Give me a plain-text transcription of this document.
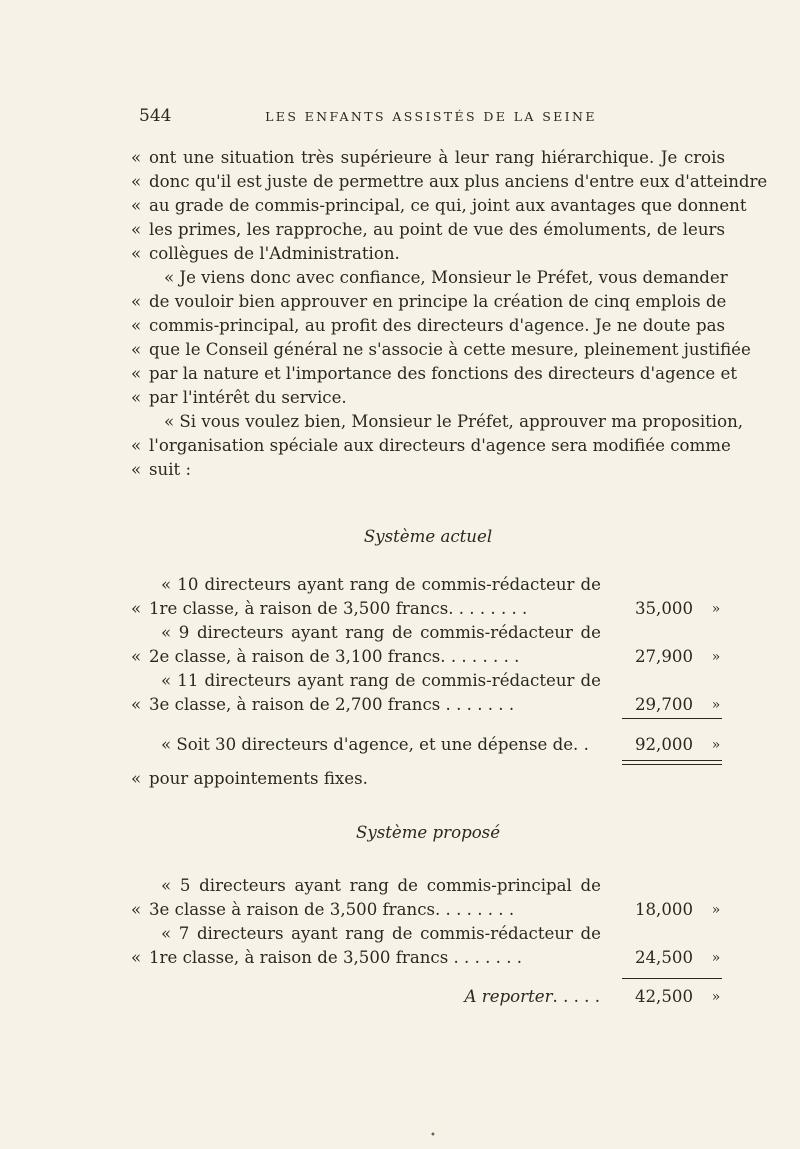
544	LES ENFANTS ASSISTÉS DE LA SEINE
« ont une situation très supérieure à leur rang hiérarchique. Je crois
« donc qu'il est juste de permettre aux plus anciens d'entre eux d'atteindre
« au grade de commis-principal, ce qui, joint aux avantages que donnent
« les primes, les rapproche, au point de vue des émoluments, de leurs
« collègues de l'Administration.
« Je viens donc avec confiance, Monsieur le Préfet, vous demander
« de vouloir bien approuver en principe la création de cinq emplois de
« commis-principal, au profit des directeurs d'agence. Je ne doute pas
« que le Conseil général ne s'associe à cette mesure, pleinement justifiée
« par la nature et l'importance des fonctions des directeurs d'agence et
« par l'intérêt du service.
« Si vous voulez bien, Monsieur le Préfet, approuver ma proposition,
« l'organisation spéciale aux directeurs d'agence sera modifiée comme
« suit :
Système actuel
« 10 directeurs ayant rang de commis-rédacteur de
« 1re classe, à raison de 3,500 francs. . . . . . . .	35,000	»
« 9 directeurs ayant rang de commis-rédacteur de
« 2e classe, à raison de 3,100 francs. . . . . . . .	27,900	»
« 11 directeurs ayant rang de commis-rédacteur de
« 3e classe, à raison de 2,700 francs . . . . . . .	29,700	»
« Soit 30 directeurs d'agence, et une dépense de. .	92,000	»
« pour appointements fixes.
Système proposé
« 5 directeurs ayant rang de commis-principal de
« 3e classe à raison de 3,500 francs. . . . . . . .	18,000	»
« 7 directeurs ayant rang de commis-rédacteur de
« 1re classe, à raison de 3,500 francs . . . . . . .	24,500	»
A reporter. . . . . 42,500	»
•
